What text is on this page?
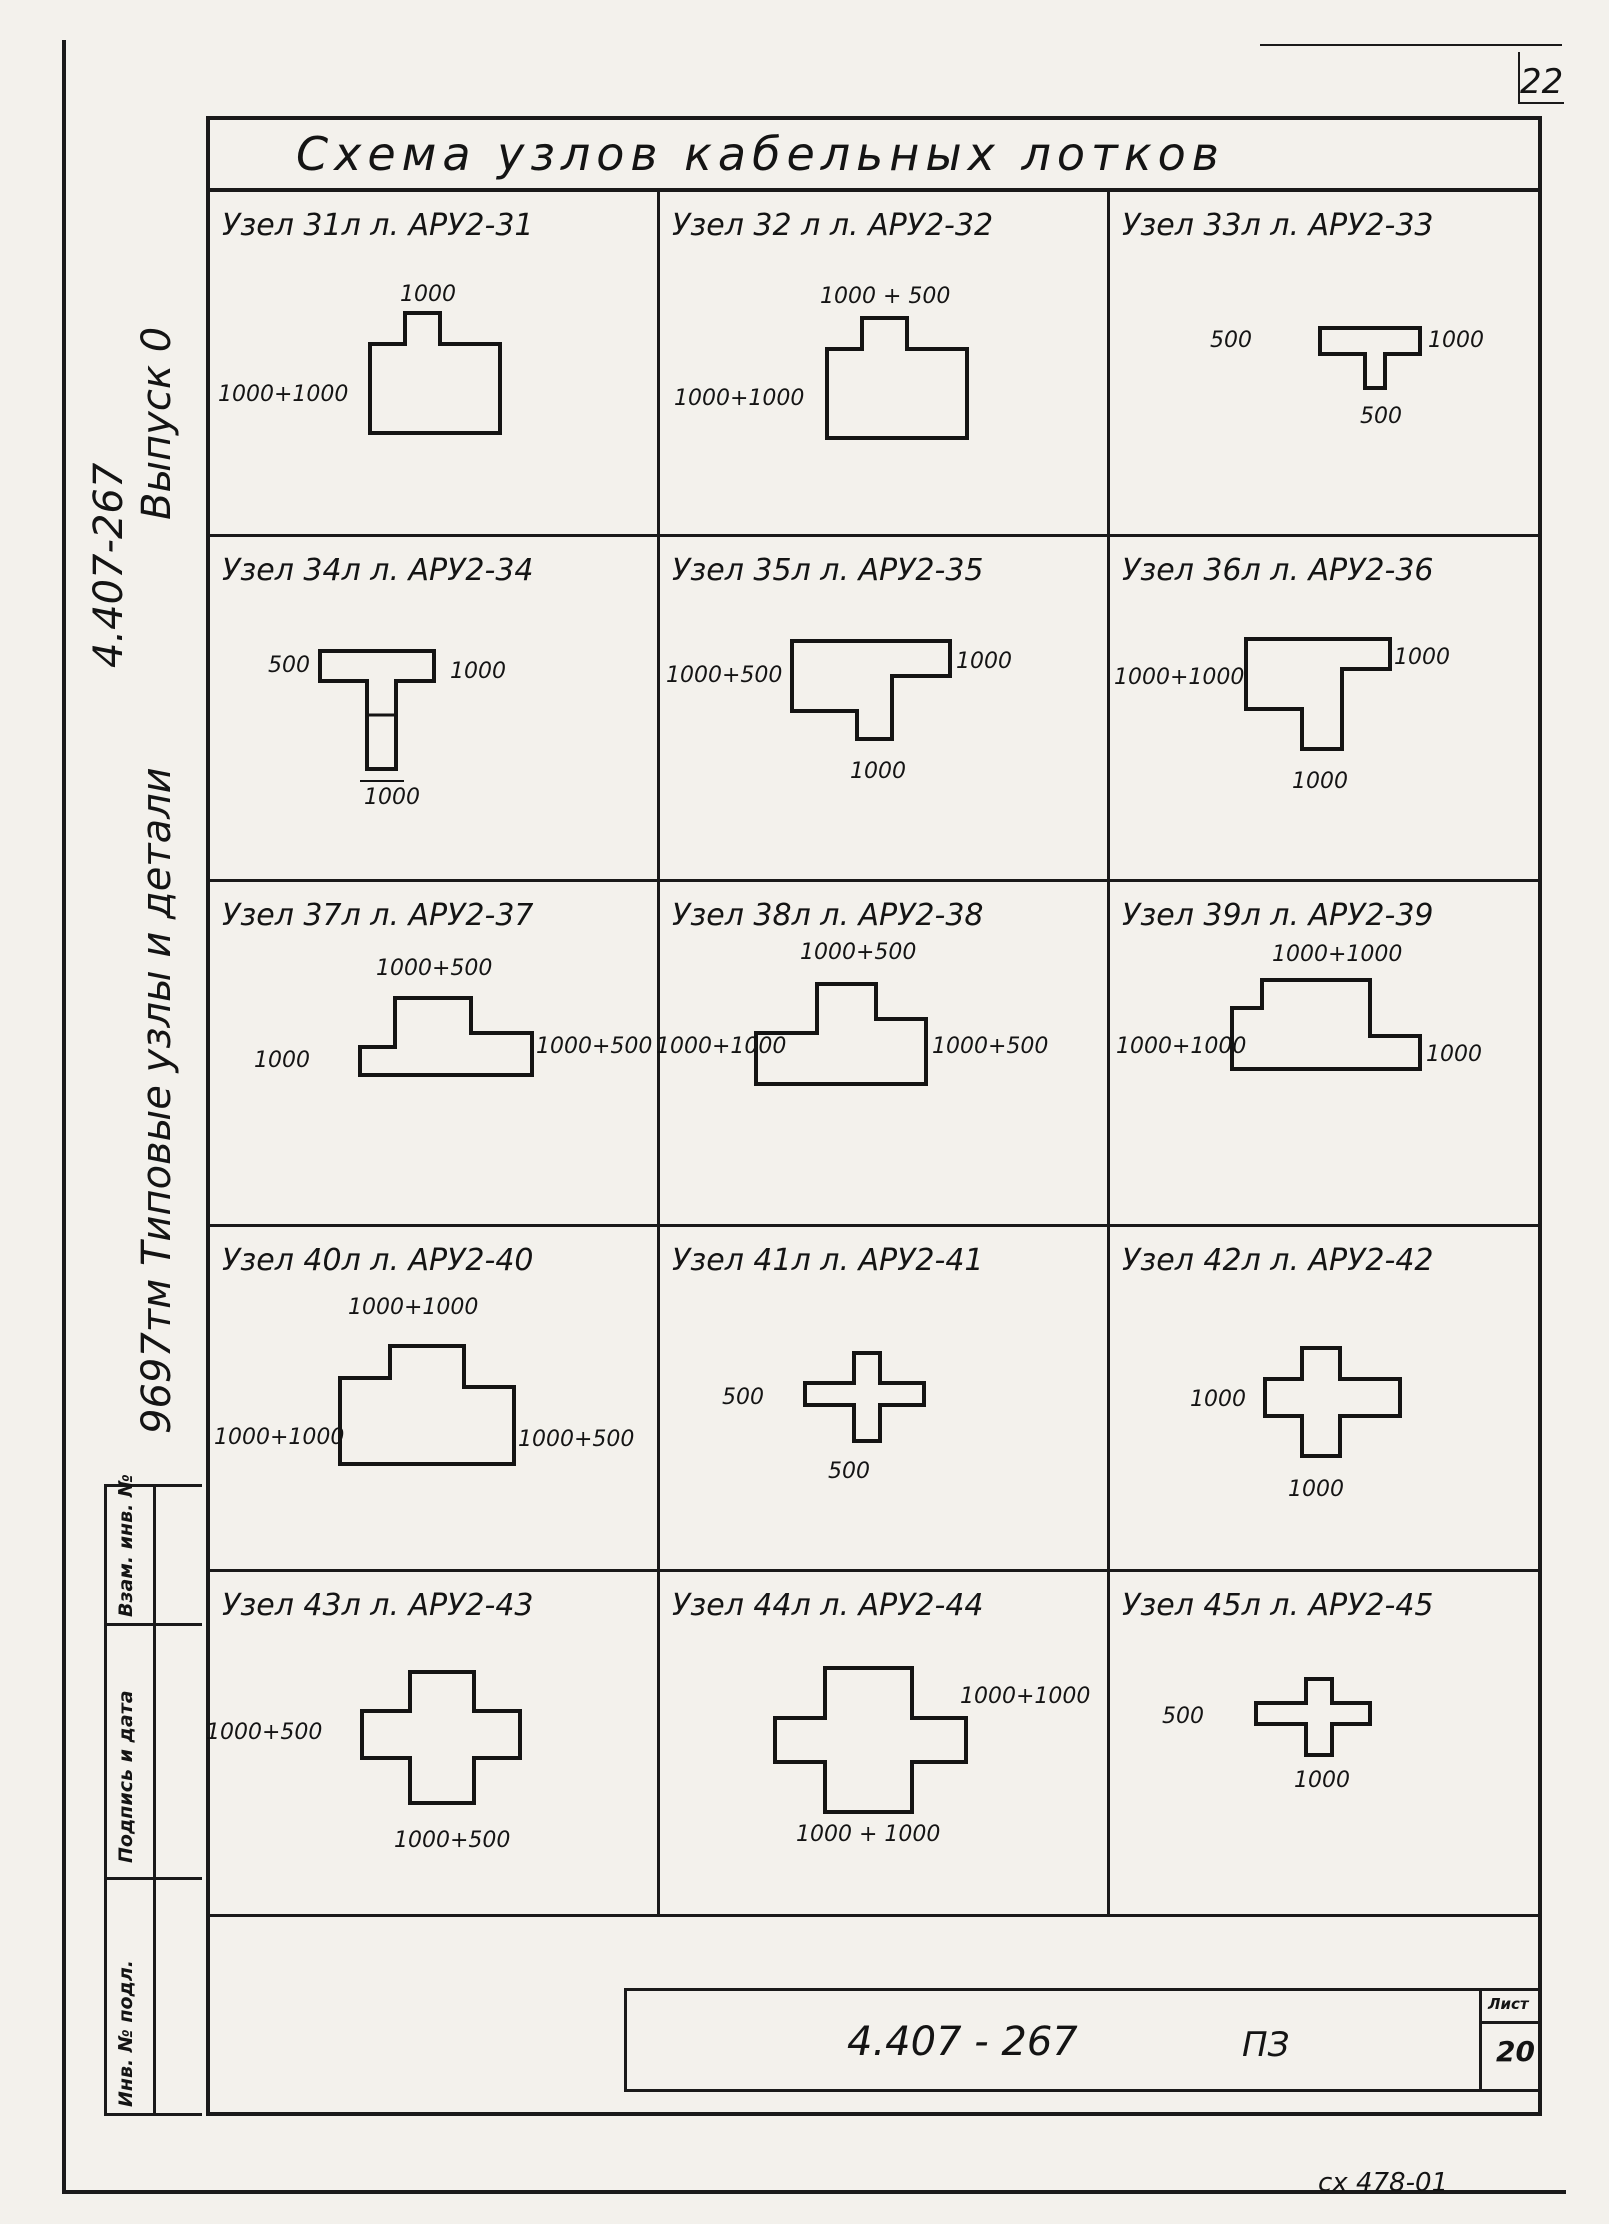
22
Выпуск 0
4.407-267
9697тм Типовые узлы и детали
Взам. инв. №
Подпись и дата
Инв. № подл.
Схема узлов кабельных лотков
Узел 31л л. АРУ2-31
1000
1000+1000
Узел 32 л л. АРУ2-32
1000 + 500
1000+1000
Узел 33л л. АРУ2-33
500	1000
500
Узел 34л л. АРУ2-34
500	1000
1000
Узел 35л л. АРУ2-35
1000+500
1000
1000
Узел 36л л. АРУ2-36
1000+1000
1000
1000
Узел 37л л. АРУ2-37
1000+500
1000
1000+500
Узел 38л л. АРУ2-38
1000+500
1000+1000	1000+500
Узел 39л л. АРУ2-39
1000+1000
1000+1000	1000
Узел 40л л. АРУ2-40
1000+1000
1000+1000	1000+500
Узел 41л л. АРУ2-41
500
500
Узел 42л л. АРУ2-42
1000
1000
Узел 43л л. АРУ2-43
1000+500
1000+500
Узел 44л л. АРУ2-44
1000+1000
1000 + 1000
Узел 45л л. АРУ2-45
500
1000
4.407 - 267	ПЗ
Лист
20
сх 478-01
